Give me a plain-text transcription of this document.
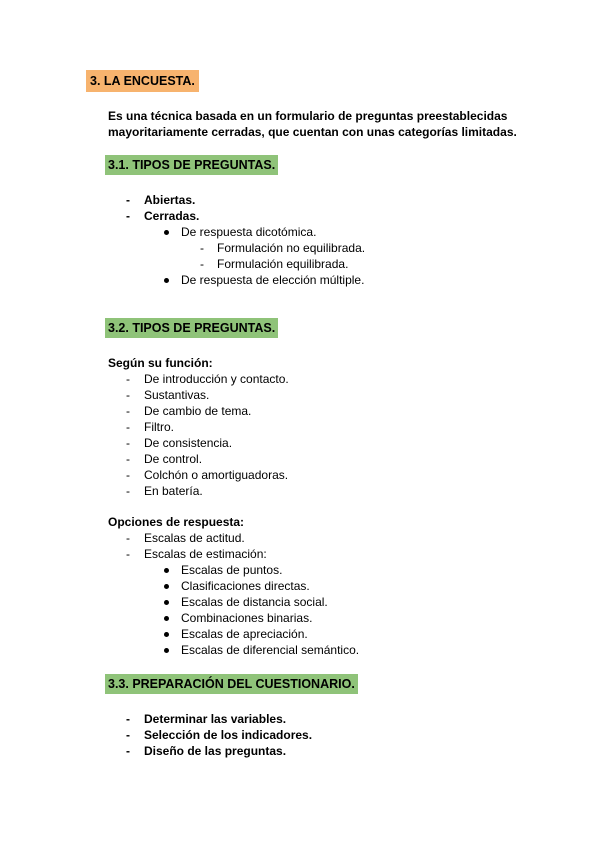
3. LA ENCUESTA.
Es una técnica basada en un formulario de preguntas preestablecidas
mayoritariamente cerradas, que cuentan con unas categorías limitadas.
3.1. TIPOS DE PREGUNTAS.
-	Abiertas.
-	Cerradas.
De respuesta dicotómica.
-	Formulación no equilibrada.
-	Formulación equilibrada.
De respuesta de elección múltiple.
3.2. TIPOS DE PREGUNTAS.
Según su función:
-	De introducción y contacto.
-	Sustantivas.
-	De cambio de tema.
-	Filtro.
-	De consistencia.
-	De control.
-	Colchón o amortiguadoras.
-	En batería.
Opciones de respuesta:
-	Escalas de actitud.
-	Escalas de estimación:
Escalas de puntos.
Clasificaciones directas.
Escalas de distancia social.
Combinaciones binarias.
Escalas de apreciación.
Escalas de diferencial semántico.
3.3. PREPARACIÓN DEL CUESTIONARIO.
-	Determinar las variables.
-	Selección de los indicadores.
-	Diseño de las preguntas.
